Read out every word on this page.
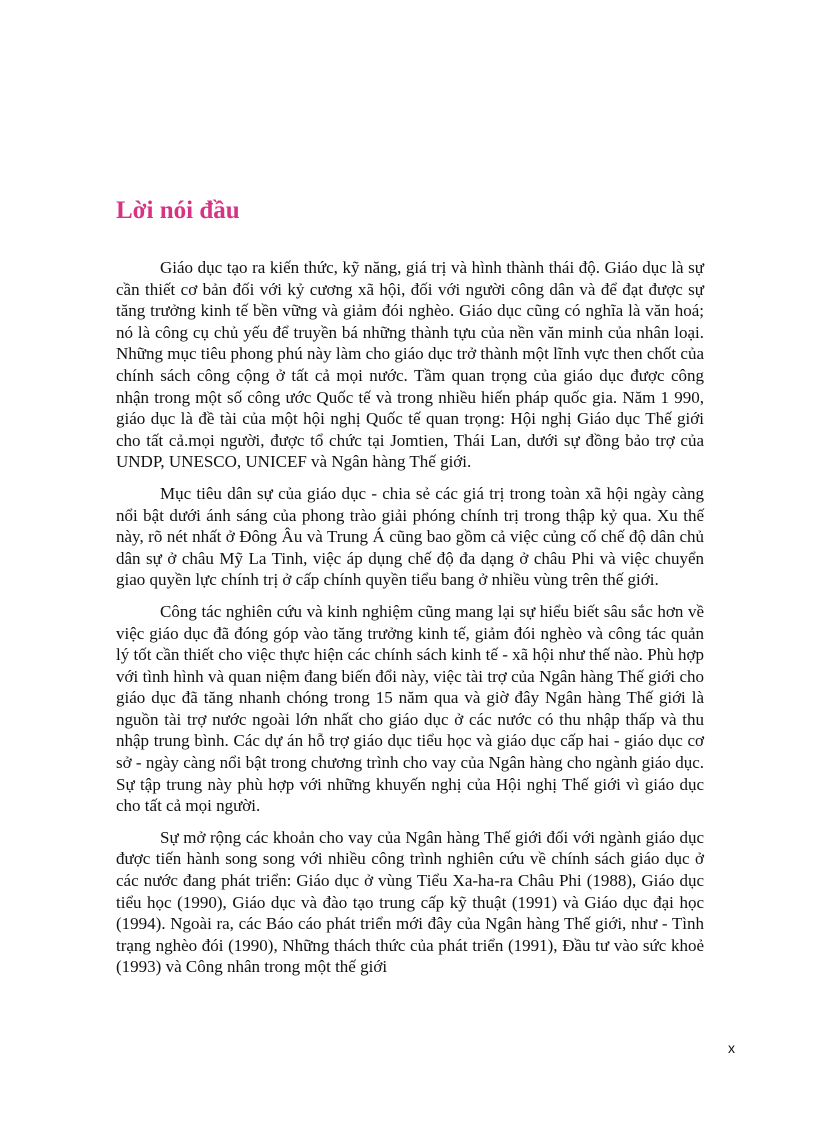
Lời nói đầu

Giáo dục tạo ra kiến thức, kỹ năng, giá trị và hình thành thái độ. Giáo dục là sự cần thiết cơ bản đối với kỷ cương xã hội, đối với người công dân và để đạt được sự tăng trưởng kinh tế bền vững và giảm đói nghèo. Giáo dục cũng có nghĩa là văn hoá; nó là công cụ chủ yếu để truyền bá những thành tựu của nền văn minh của nhân loại. Những mục tiêu phong phú này làm cho giáo dục trở thành một lĩnh vực then chốt của chính sách công cộng ở tất cả mọi nước. Tầm quan trọng của giáo dục được công nhận trong một số công ước Quốc tế và trong nhiều hiến pháp quốc gia. Năm 1 990, giáo dục là đề tài của một hội nghị Quốc tế quan trọng: Hội nghị Giáo dục Thế giới cho tất cả.mọi người, được tổ chức tại Jomtien, Thái Lan, dưới sự đồng bảo trợ của UNDP, UNESCO, UNICEF và Ngân hàng Thế giới.

Mục tiêu dân sự của giáo dục - chia sẻ các giá trị trong toàn xã hội ngày càng nổi bật dưới ánh sáng của phong trào giải phóng chính trị trong thập kỷ qua. Xu thế này, rõ nét nhất ở Đông Âu và Trung Á cũng bao gồm cả việc củng cố chế độ dân chủ dân sự ở châu Mỹ La Tinh, việc áp dụng chế độ đa dạng ở châu Phi và việc chuyển giao quyền lực chính trị ở cấp chính quyền tiểu bang ở nhiều vùng trên thế giới.

Công tác nghiên cứu và kinh nghiệm cũng mang lại sự hiểu biết sâu sắc hơn về việc giáo dục đã đóng góp vào tăng trưởng kinh tế, giảm đói nghèo và công tác quản lý tốt cần thiết cho việc thực hiện các chính sách kinh tế - xã hội như thế nào. Phù hợp với tình hình và quan niệm đang biến đổi này, việc tài trợ của Ngân hàng Thế giới cho giáo dục đã tăng nhanh chóng trong 15 năm qua và giờ đây Ngân hàng Thế giới là nguồn tài trợ nước ngoài lớn nhất cho giáo dục ở các nước có thu nhập thấp và thu nhập trung bình. Các dự án hỗ trợ giáo dục tiểu học và giáo dục cấp hai - giáo dục cơ sở - ngày càng nổi bật trong chương trình cho vay của Ngân hàng cho ngành giáo dục. Sự tập trung này phù hợp với những khuyến nghị của Hội nghị Thế giới vì giáo dục cho tất cả mọi người.

Sự mở rộng các khoản cho vay của Ngân hàng Thế giới đối với ngành giáo dục được tiến hành song song với nhiều công trình nghiên cứu về chính sách giáo dục ở các nước đang phát triển: Giáo dục ở vùng Tiểu Xa-ha-ra Châu Phi (1988), Giáo dục tiểu học (1990), Giáo dục và đào tạo trung cấp kỹ thuật (1991) và Giáo dục đại học (1994). Ngoài ra, các Báo cáo phát triển mới đây của Ngân hàng Thế giới, như - Tình trạng nghèo đói (1990), Những thách thức của phát triển (1991), Đầu tư vào sức khoẻ (1993) và Công nhân trong một thế giới

x
